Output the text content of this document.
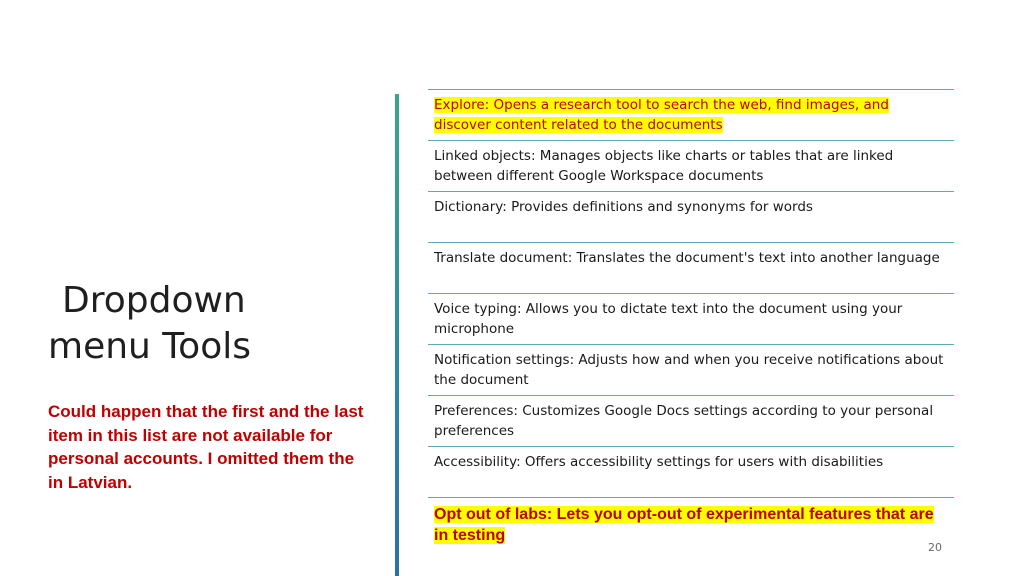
Dropdown
menu Tools
Could happen that the first and the last item in this list are not available for personal accounts. I omitted them the in Latvian.
Explore: Opens a research tool to search the web, find images, and discover content related to the documents
Linked objects: Manages objects like charts or tables that are linked between different Google Workspace documents
Dictionary: Provides definitions and synonyms for words
Translate document: Translates the document's text into another language
Voice typing: Allows you to dictate text into the document using your microphone
Notification settings: Adjusts how and when you receive notifications about the document
Preferences: Customizes Google Docs settings according to your personal preferences
Accessibility: Offers accessibility settings for users with disabilities
Opt out of labs: Lets you opt-out of experimental features that are in testing
20
